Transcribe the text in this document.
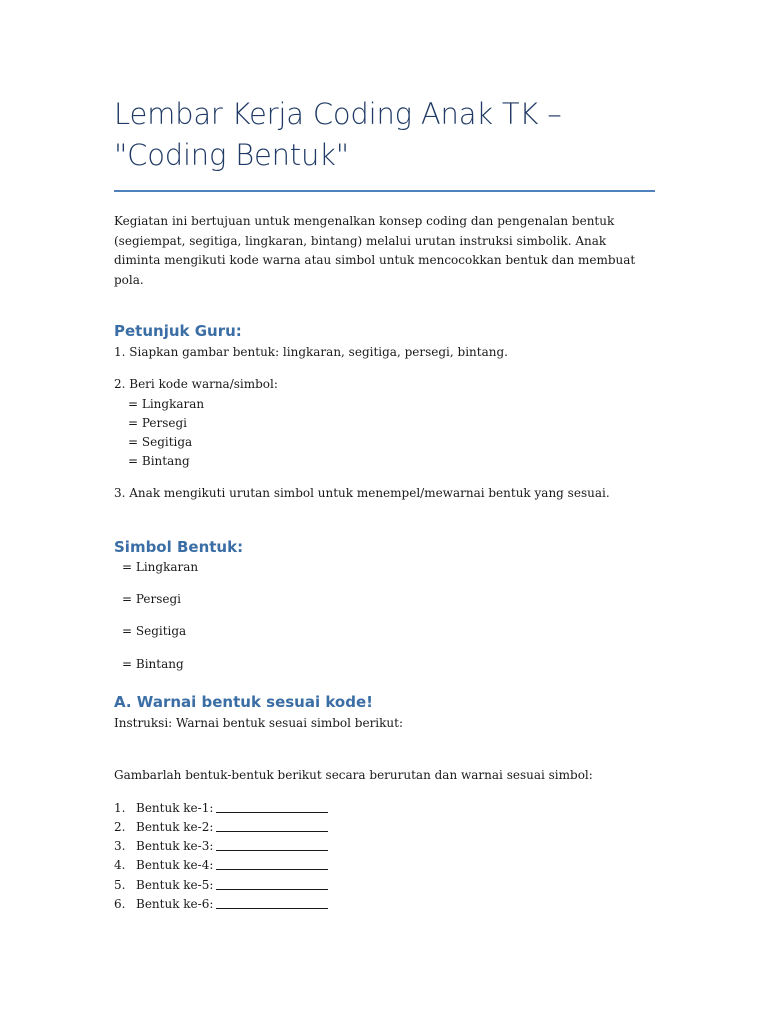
Lembar Kerja Coding Anak TK – "Coding Bentuk"

Kegiatan ini bertujuan untuk mengenalkan konsep coding dan pengenalan bentuk (segiempat, segitiga, lingkaran, bintang) melalui urutan instruksi simbolik. Anak diminta mengikuti kode warna atau simbol untuk mencocokkan bentuk dan membuat pola.

Petunjuk Guru:
1. Siapkan gambar bentuk: lingkaran, segitiga, persegi, bintang.
2. Beri kode warna/simbol:
= Lingkaran
= Persegi
= Segitiga
= Bintang
3. Anak mengikuti urutan simbol untuk menempel/mewarnai bentuk yang sesuai.
Simbol Bentuk:
= Lingkaran
= Persegi
= Segitiga
= Bintang
A. Warnai bentuk sesuai kode!
Instruksi: Warnai bentuk sesuai simbol berikut:
Gambarlah bentuk-bentuk berikut secara berurutan dan warnai sesuai simbol:
1. Bentuk ke-1:
2. Bentuk ke-2:
3. Bentuk ke-3:
4. Bentuk ke-4:
5. Bentuk ke-5:
6. Bentuk ke-6:
